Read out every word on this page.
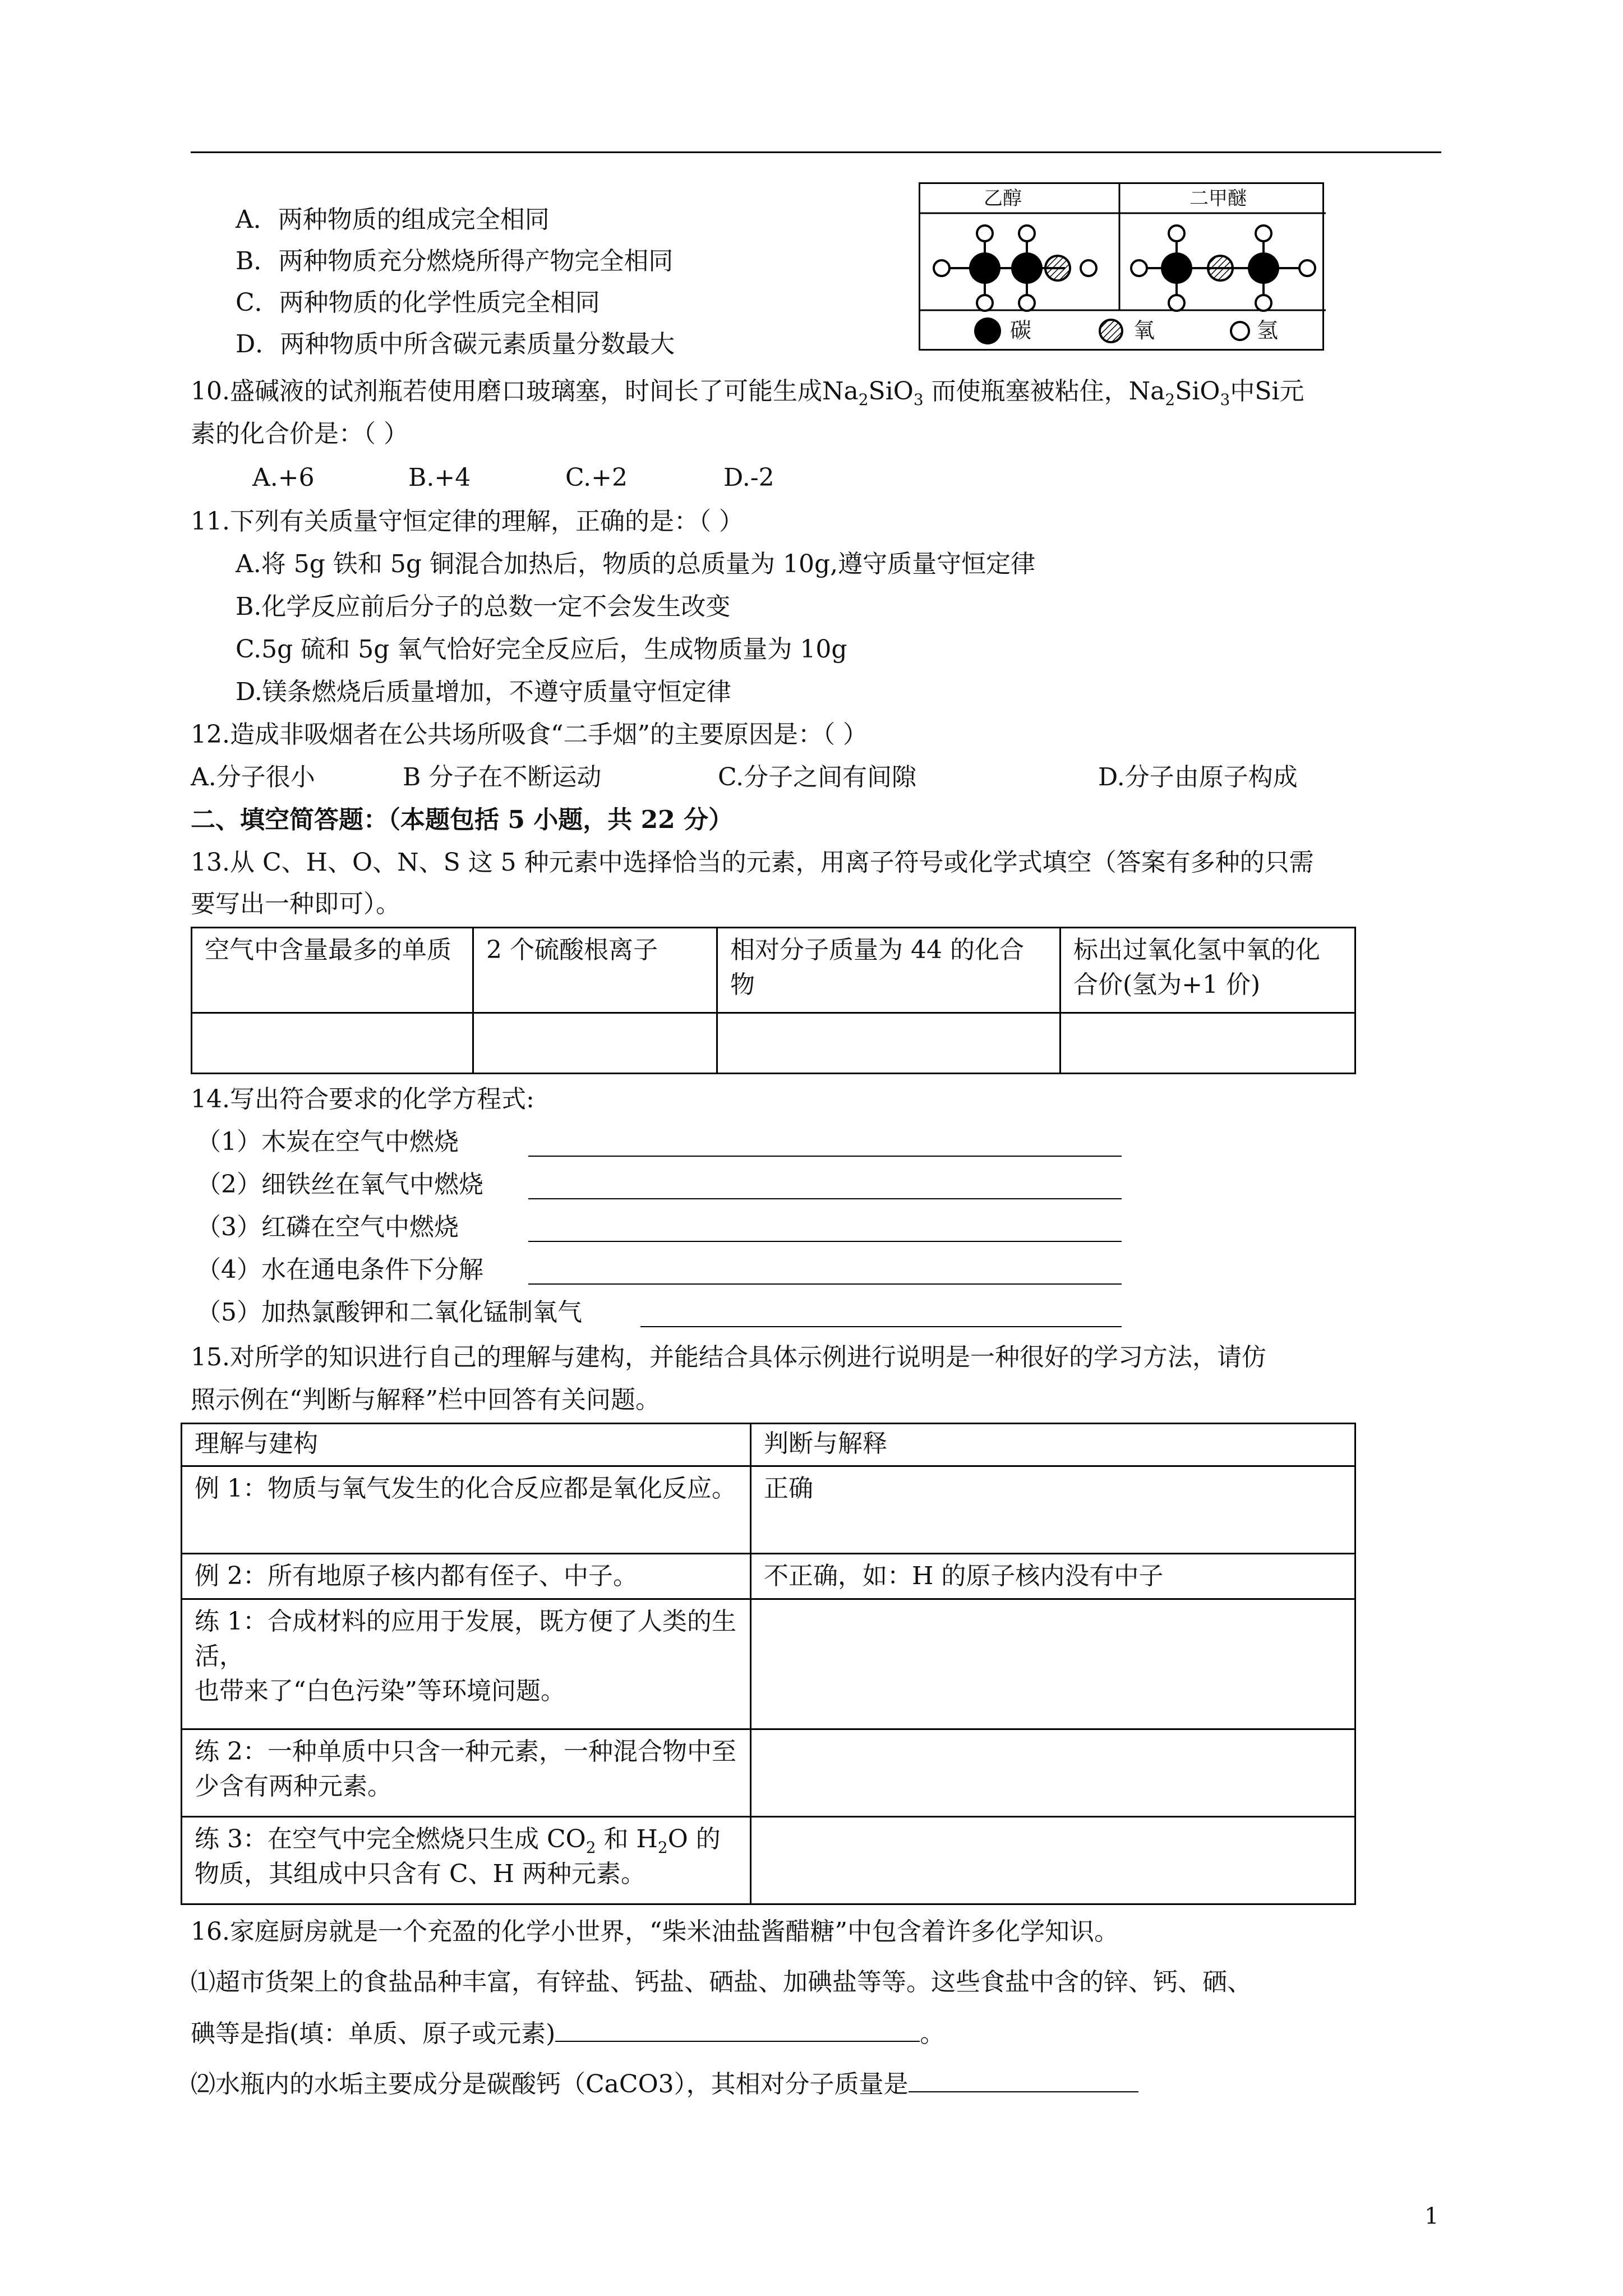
乙醇	二甲醚
碳	氧	氢
A．两种物质的组成完全相同
B．两种物质充分燃烧所得产物完全相同
C．两种物质的化学性质完全相同
D．两种物质中所含碳元素质量分数最大
10.盛碱液的试剂瓶若使用磨口玻璃塞，时间长了可能生成$Na_2SiO_3$ 而使瓶塞被粘住，$Na_2SiO_3$中Si元
素的化合价是：（ ）
A.+6	B.+4	C.+2	D.-2
11.下列有关质量守恒定律的理解，正确的是：（ ）
A.将 5g 铁和 5g 铜混合加热后，物质的总质量为 10g,遵守质量守恒定律
B.化学反应前后分子的总数一定不会发生改变
C.5g 硫和 5g 氧气恰好完全反应后，生成物质量为 10g
D.镁条燃烧后质量增加，不遵守质量守恒定律
12.造成非吸烟者在公共场所吸食“二手烟”的主要原因是：（ ）
A.分子很小	B 分子在不断运动	C.分子之间有间隙	D.分子由原子构成
二、填空简答题：（本题包括 5 小题，共 22 分）
13.从 C、H、O、N、S 这 5 种元素中选择恰当的元素，用离子符号或化学式填空（答案有多种的只需
要写出一种即可）。
空气中含量最多的单质	2 个硫酸根离子	相对分子质量为 44 的化合物	标出过氧化氢中氧的化合价(氢为+1 价)

14.写出符合要求的化学方程式:
（1）木炭在空气中燃烧
（2）细铁丝在氧气中燃烧
（3）红磷在空气中燃烧
（4）水在通电条件下分解
（5）加热氯酸钾和二氧化锰制氧气
15.对所学的知识进行自己的理解与建构，并能结合具体示例进行说明是一种很好的学习方法，请仿
照示例在“判断与解释”栏中回答有关问题。
理解与建构	判断与解释
例 1：物质与氧气发生的化合反应都是氧化反应。	正确
例 2：所有地原子核内都有侄子、中子。	不正确，如：H 的原子核内没有中子

练 1：合成材料的应用于发展，既方便了人类的生活，
也带来了“白色污染”等环境问题。	

练 2：一种单质中只含一种元素，一种混合物中至少含有两种元素。	
练 3：在空气中完全燃烧只生成 $CO_2$ 和 $H_2O$ 的物质，其组成中只含有 C、H 两种元素。	
16.家庭厨房就是一个充盈的化学小世界，“柴米油盐酱醋糖”中包含着许多化学知识。
⑴超市货架上的食盐品种丰富，有锌盐、钙盐、硒盐、加碘盐等等。这些食盐中含的锌、钙、硒、
碘等是指(填：单质、原子或元素)	。
⑵水瓶内的水垢主要成分是碳酸钙（CaCO3），其相对分子质量是
1
